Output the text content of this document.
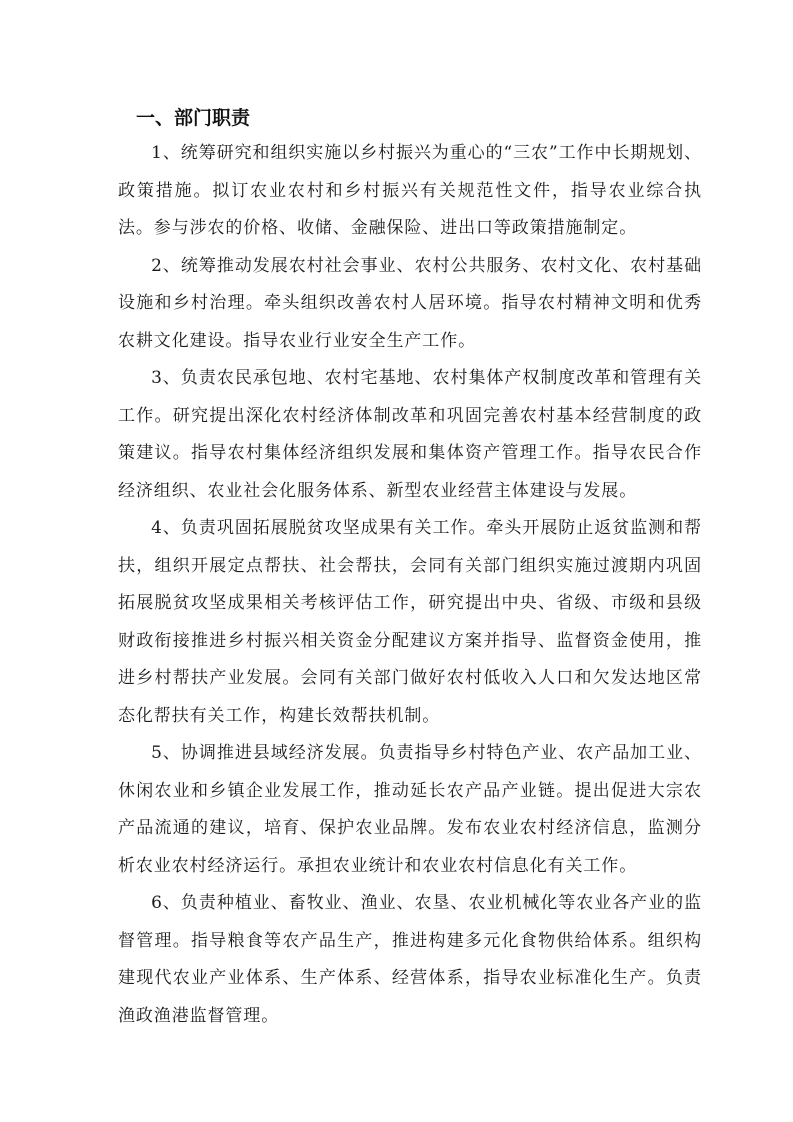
一、部门职责

1、统筹研究和组织实施以乡村振兴为重心的“三农”工作中长期规划、政策措施。拟订农业农村和乡村振兴有关规范性文件，指导农业综合执法。参与涉农的价格、收储、金融保险、进出口等政策措施制定。

2、统筹推动发展农村社会事业、农村公共服务、农村文化、农村基础设施和乡村治理。牵头组织改善农村人居环境。指导农村精神文明和优秀农耕文化建设。指导农业行业安全生产工作。

3、负责农民承包地、农村宅基地、农村集体产权制度改革和管理有关工作。研究提出深化农村经济体制改革和巩固完善农村基本经营制度的政策建议。指导农村集体经济组织发展和集体资产管理工作。指导农民合作经济组织、农业社会化服务体系、新型农业经营主体建设与发展。

4、负责巩固拓展脱贫攻坚成果有关工作。牵头开展防止返贫监测和帮扶，组织开展定点帮扶、社会帮扶，会同有关部门组织实施过渡期内巩固拓展脱贫攻坚成果相关考核评估工作，研究提出中央、省级、市级和县级财政衔接推进乡村振兴相关资金分配建议方案并指导、监督资金使用，推进乡村帮扶产业发展。会同有关部门做好农村低收入人口和欠发达地区常态化帮扶有关工作，构建长效帮扶机制。

5、协调推进县域经济发展。负责指导乡村特色产业、农产品加工业、休闲农业和乡镇企业发展工作，推动延长农产品产业链。提出促进大宗农产品流通的建议，培育、保护农业品牌。发布农业农村经济信息，监测分析农业农村经济运行。承担农业统计和农业农村信息化有关工作。

6、负责种植业、畜牧业、渔业、农垦、农业机械化等农业各产业的监督管理。指导粮食等农产品生产，推进构建多元化食物供给体系。组织构建现代农业产业体系、生产体系、经营体系，指导农业标准化生产。负责渔政渔港监督管理。
